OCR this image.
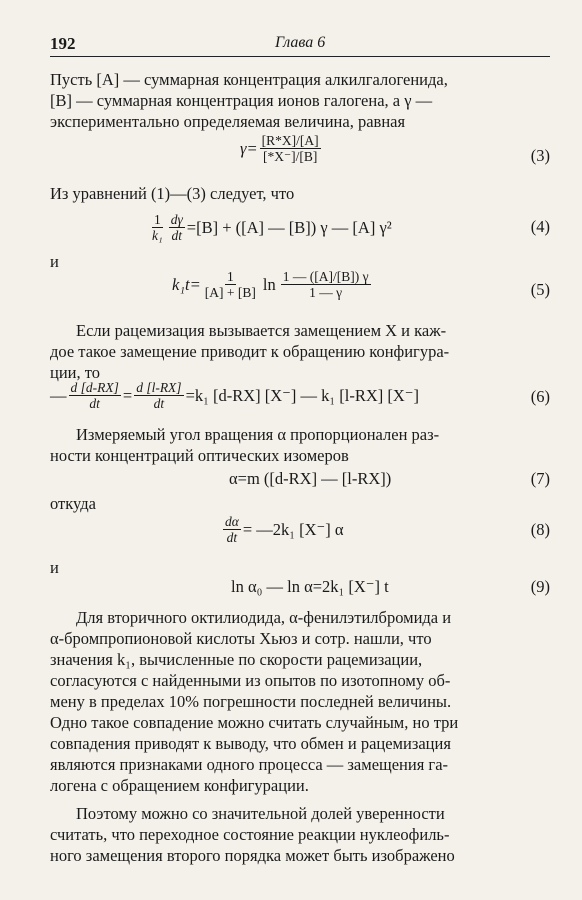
192	Глава 6
Пусть [A] — суммарная концентрация алкилгалогенида,
[B] — суммарная концентрация ионов галогена, а γ —
экспериментально определяемая величина, равная
$\gamma= \frac{[R*X]/[A]}{[*X^-]/[B]}$	(3)
Из уравнений (1)—(3) следует, что
$\frac{1}{\text{k₁}} \frac{d\gamma}{dt} =[B] + ([A]$ — [B]) γ — [A] γ²	(4)
и
$k_1t= \frac{1}{[A] + [B]}$ $\ln \frac{1 — ([A]/[B]) \gamma}{1 — \gamma}$	(5)
Если рацемизация вызывается замещением X и каж-
дое такое замещение приводит к обращению конфигура-
ции, то
— $\frac{d [d-RX]}{dt} = \frac{d [l-RX]}{dt} =k_1$ [d-RX] [X⁻] — k₁ [l-RX] [X⁻]	(6)
Измеряемый угол вращения α пропорционален раз-
ности концентраций оптических изомеров
α=m ([d-RX] — [l-RX])	(7)
откуда
$\frac{d\alpha}{dt}$ = —2k₁ [X⁻] α	(8)
и
ln α₀ — ln α=2k₁ [X⁻] t	(9)
Для вторичного октилиодида, α-фенилэтилбромида и
α-бромпропионовой кислоты Хьюз и сотр. нашли, что
значения k₁, вычисленные по скорости рацемизации,
согласуются с найденными из опытов по изотопному об-
мену в пределах 10% погрешности последней величины.
Одно такое совпадение можно считать случайным, но три
совпадения приводят к выводу, что обмен и рацемизация
являются признаками одного процесса — замещения га-
логена с обращением конфигурации.
Поэтому можно со значительной долей уверенности
считать, что переходное состояние реакции нуклеофиль-
ного замещения второго порядка может быть изображено
